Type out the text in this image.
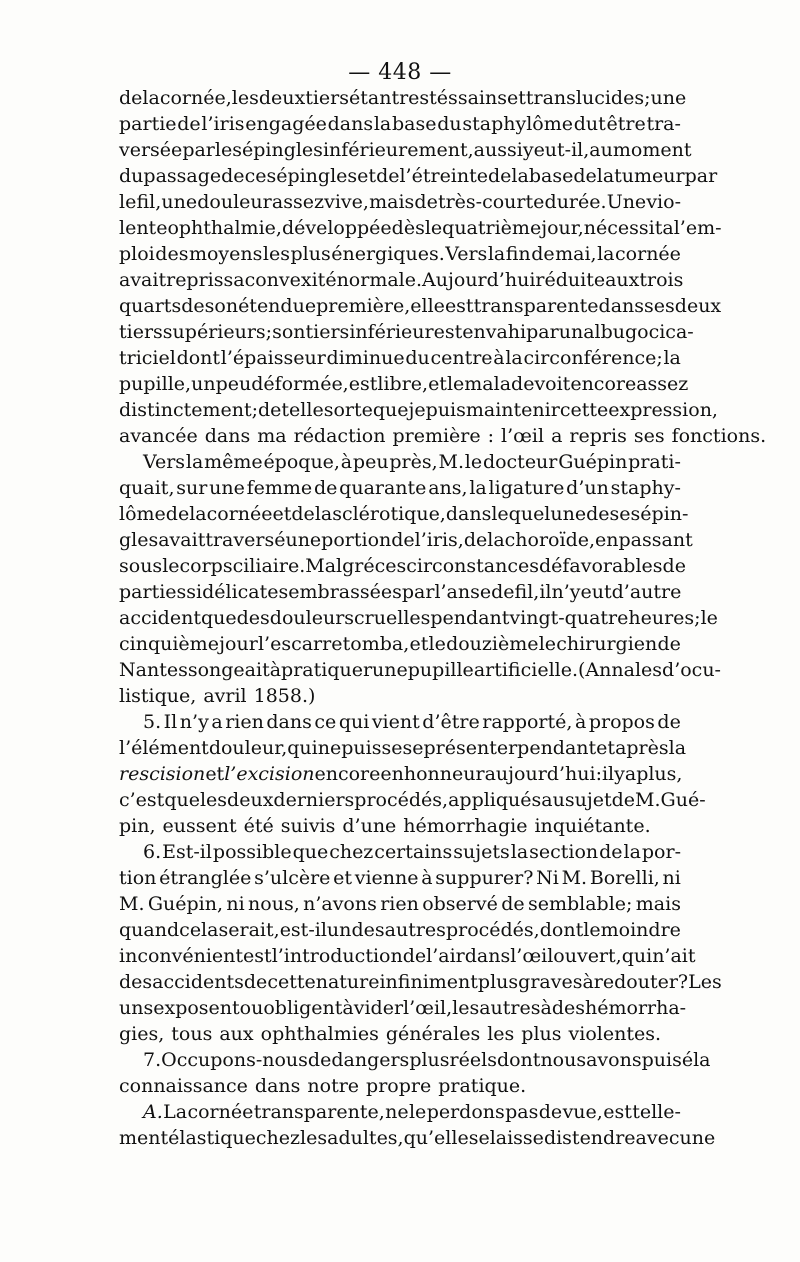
— 448 —
de la cornée, les deux tiers étant restés sains et translucides; une
partie de l’iris engagée dans la base du staphylôme dut être tra-
versée par les épingles inférieurement, aussi y eut-il, au moment
du passage de ces épingles et de l’étreinte de la base de la tumeur par
le fil, une douleur assez vive, mais de très-courte durée. Une vio-
lente ophthalmie, développée dès le quatrième jour, nécessita l’em-
ploi des moyens les plus énergiques. Vers la fin de mai, la cornée
avait repris sa convexité normale. Aujourd’hui réduite aux trois
quarts de son étendue première, elle est transparente dans ses deux
tiers supérieurs ; son tiers inférieur est envahi par un albugo cica-
triciel dont l’épaisseur diminue du centre à la circonférence; la
pupille, un peu déformée, est libre, et le malade voit encore assez
distinctement; de telle sorte que je puis maintenir cette expression,
avancée dans ma rédaction première : l’œil a repris ses fonctions.
Vers la même époque, à peu près, M. le docteur Guépin prati-
quait, sur une femme de quarante ans, la ligature d’un staphy-
lôme de la cornée et de la sclérotique, dans lequel une de ses épin-
gles avait traversé une portion de l’iris, de la choroïde, en passant
sous le corps ciliaire. Malgré ces circonstances défavorables de
parties si délicates embrassées par l’anse de fil, il n’y eut d’autre
accident que des douleurs cruelles pendant vingt-quatre heures; le
cinquième jour l’escarre tomba, et le douzième le chirurgien de
Nantes songeait à pratiquer une pupille artificielle. (Annales d’ocu-
listique, avril 1858.)
5. Il n’y a rien dans ce qui vient d’être rapporté, à propos de
l’élément douleur, qui ne puisse se présenter pendant et après la
rescision et l’excision encore en honneur aujourd’hui : il y a plus,
c’est que les deux derniers procédés, appliqués au sujet de M. Gué-
pin, eussent été suivis d’une hémorrhagie inquiétante.
6. Est-il possible que chez certains sujets la section de la por-
tion étranglée s’ulcère et vienne à suppurer? Ni M. Borelli, ni
M. Guépin, ni nous, n’avons rien observé de semblable; mais
quand cela serait, est-il un des autres procédés, dont le moindre
inconvénient est l’introduction de l’air dans l’œil ouvert, qui n’ait
des accidents de cette nature infiniment plus graves à redouter? Les
uns exposent ou obligent à vider l’œil, les autres à des hémorrha-
gies, tous aux ophthalmies générales les plus violentes.
7. Occupons-nous de dangers plus réels dont nous avons puisé la
connaissance dans notre propre pratique.
A. La cornée transparente, ne le perdons pas de vue, est telle-
ment élastique chez les adultes, qu’elle se laisse distendre avec une
